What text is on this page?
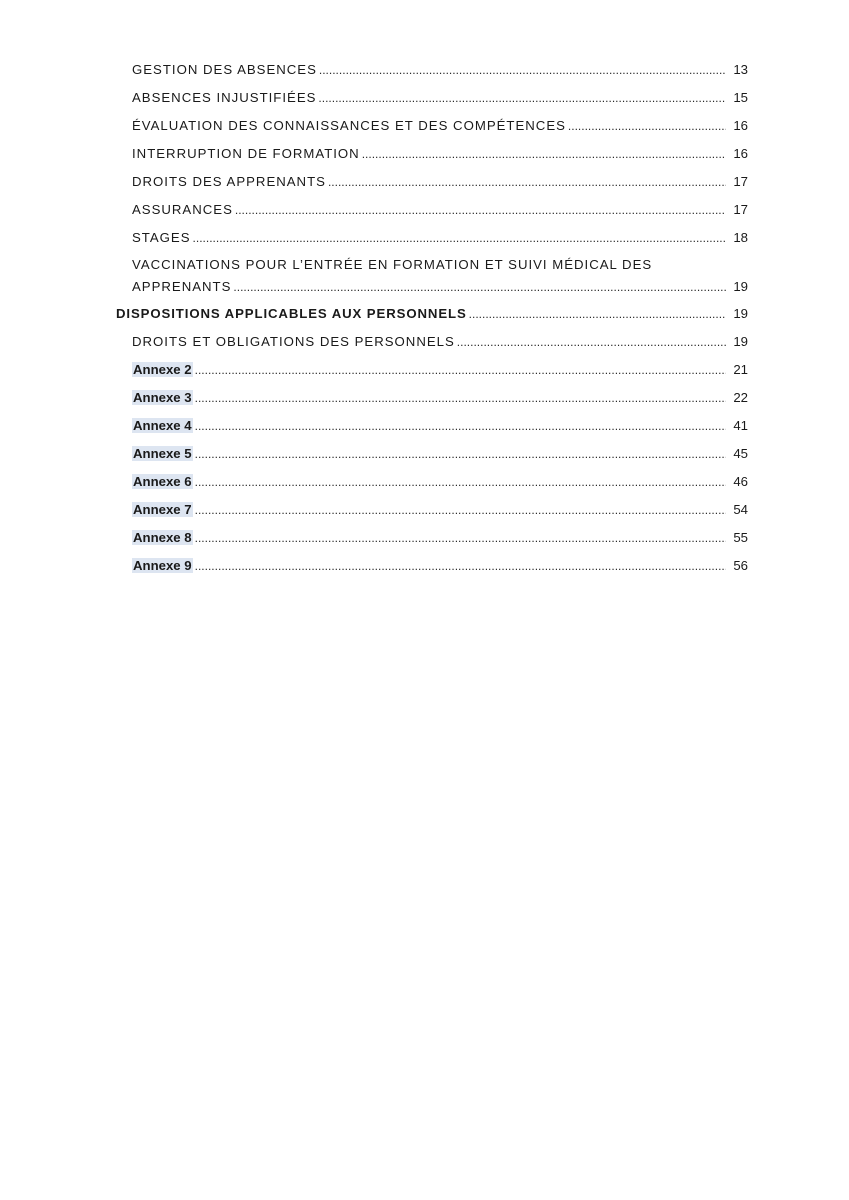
GESTION DES ABSENCES .....	13
ABSENCES INJUSTIFIÉES .....	15
ÉVALUATION DES CONNAISSANCES ET DES COMPÉTENCES .....	16
INTERRUPTION DE FORMATION .....	16
DROITS DES APPRENANTS .....	17
ASSURANCES .....	17
STAGES .....	18
VACCINATIONS POUR L’ENTRÉE EN FORMATION ET SUIVI MÉDICAL DES
APPRENANTS .....	19
DISPOSITIONS APPLICABLES AUX PERSONNELS .....	19
DROITS ET OBLIGATIONS DES PERSONNELS .....	19
Annexe 2 .....	21
Annexe 3 .....	22
Annexe 4 .....	41
Annexe 5 .....	45
Annexe 6 .....	46
Annexe 7 .....	54
Annexe 8 .....	55
Annexe 9 .....	56
